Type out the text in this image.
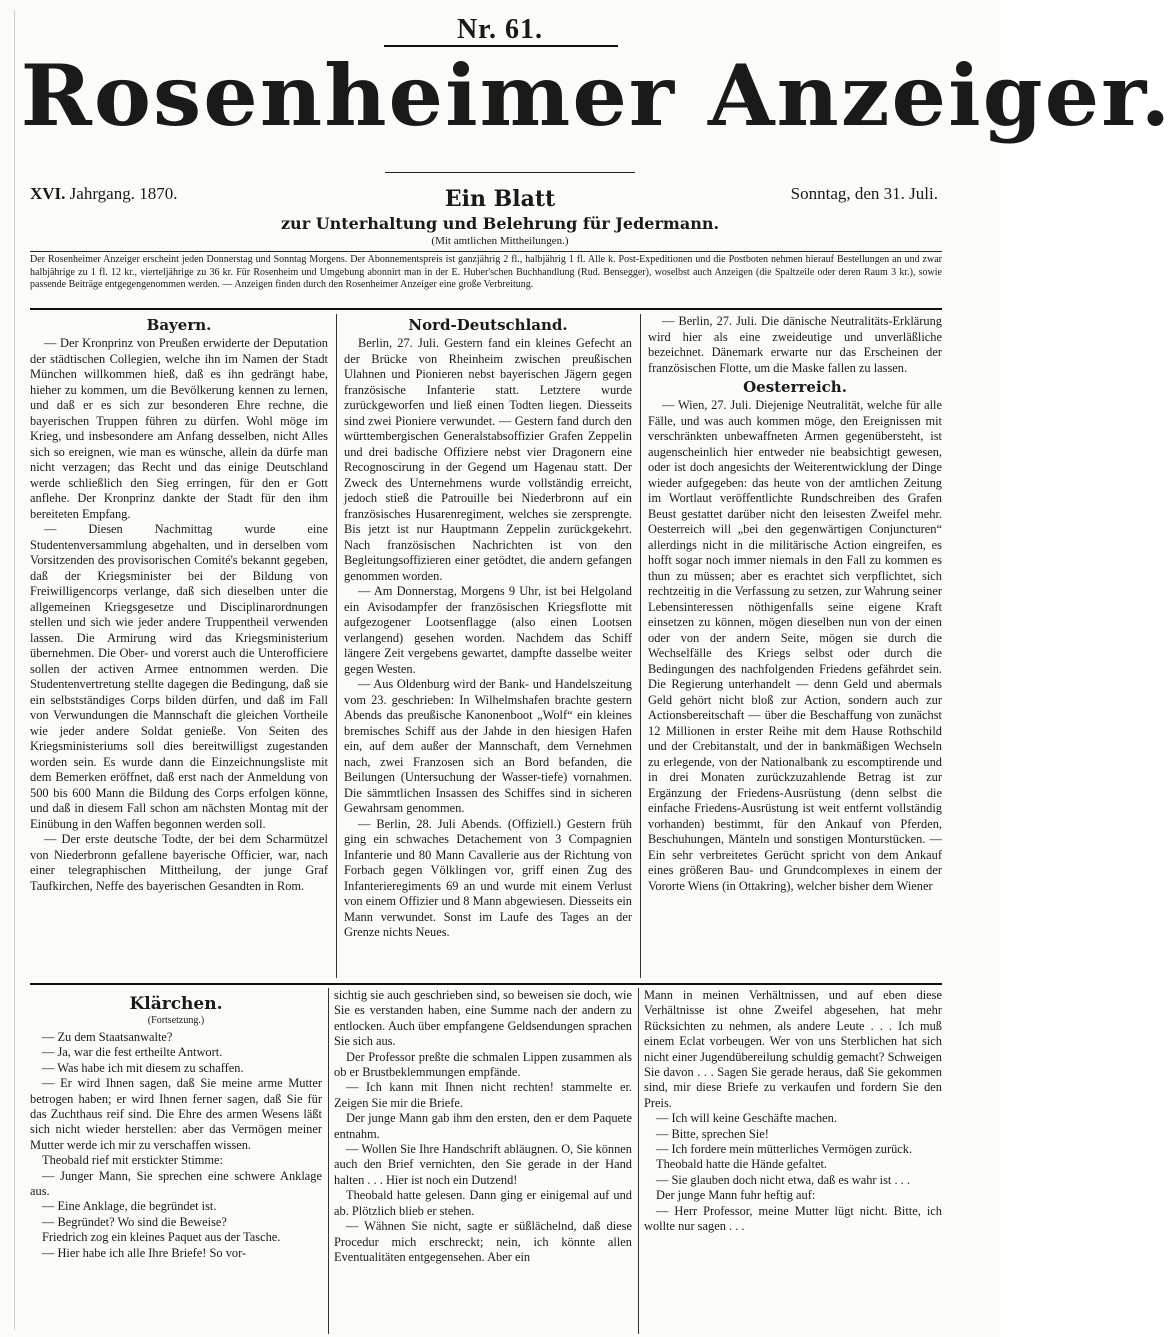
Nr. 61.
Rosenheimer Anzeiger.
XVI. Jahrgang. 1870.	Ein Blatt	Sonntag, den 31. Juli.
zur Unterhaltung und Belehrung für Jedermann.
(Mit amtlichen Mittheilungen.)
Der Rosenheimer Anzeiger erscheint jeden Donnerstag und Sonntag Morgens. Der Abonnementspreis ist ganzjährig 2 fl., halbjährig 1 fl. Alle k. Post-Expeditionen und die Postboten nehmen hierauf Bestellungen an und zwar halbjährige zu 1 fl. 12 kr., vierteljährige zu 36 kr. Für Rosenheim und Umgebung abonnirt man in der E. Huber'schen Buchhandlung (Rud. Bensegger), woselbst auch Anzeigen (die Spaltzeile oder deren Raum 3 kr.), sowie passende Beiträge entgegengenommen werden. — Anzeigen finden durch den Rosenheimer Anzeiger eine große Verbreitung.
Bayern.

— Der Kronprinz von Preußen erwiderte der Deputation der städtischen Collegien, welche ihn im Namen der Stadt München willkommen hieß, daß es ihn gedrängt habe, hieher zu kommen, um die Bevölkerung kennen zu lernen, und daß er es sich zur besonderen Ehre rechne, die bayerischen Truppen führen zu dürfen. Wohl möge im Krieg, und insbesondere am Anfang desselben, nicht Alles sich so ereignen, wie man es wünsche, allein da dürfe man nicht verzagen; das Recht und das einige Deutschland werde schließlich den Sieg erringen, für den er Gott anflehe. Der Kronprinz dankte der Stadt für den ihm bereiteten Empfang.

— Diesen Nachmittag wurde eine Studentenversammlung abgehalten, und in derselben vom Vorsitzenden des provisorischen Comité's bekannt gegeben, daß der Kriegsminister bei der Bildung von Freiwilligencorps verlange, daß sich dieselben unter die allgemeinen Kriegsgesetze und Disciplinarordnungen stellen und sich wie jeder andere Truppentheil verwenden lassen. Die Armirung wird das Kriegsministerium übernehmen. Die Ober- und vorerst auch die Unterofficiere sollen der activen Armee entnommen werden. Die Studentenvertretung stellte dagegen die Bedingung, daß sie ein selbstständiges Corps bilden dürfen, und daß im Fall von Verwundungen die Mannschaft die gleichen Vortheile wie jeder andere Soldat genieße. Von Seiten des Kriegsministeriums soll dies bereitwilligst zugestanden worden sein. Es wurde dann die Einzeichnungsliste mit dem Bemerken eröffnet, daß erst nach der Anmeldung von 500 bis 600 Mann die Bildung des Corps erfolgen könne, und daß in diesem Fall schon am nächsten Montag mit der Einübung in den Waffen begonnen werden soll.

— Der erste deutsche Todte, der bei dem Scharmützel von Niederbronn gefallene bayerische Officier, war, nach einer telegraphischen Mittheilung, der junge Graf Taufkirchen, Neffe des bayerischen Gesandten in Rom.

Nord-Deutschland.

Berlin, 27. Juli. Gestern fand ein kleines Gefecht an der Brücke von Rheinheim zwischen preußischen Ulahnen und Pionieren nebst bayerischen Jägern gegen französische Infanterie statt. Letztere wurde zurückgeworfen und ließ einen Todten liegen. Diesseits sind zwei Pioniere verwundet. — Gestern fand durch den württembergischen Generalstabsoffizier Grafen Zeppelin und drei badische Offiziere nebst vier Dragonern eine Recognoscirung in der Gegend um Hagenau statt. Der Zweck des Unternehmens wurde vollständig erreicht, jedoch stieß die Patrouille bei Niederbronn auf ein französisches Husarenregiment, welches sie zersprengte. Bis jetzt ist nur Hauptmann Zeppelin zurückgekehrt. Nach französischen Nachrichten ist von den Begleitungsoffizieren einer getödtet, die andern gefangen genommen worden.

— Am Donnerstag, Morgens 9 Uhr, ist bei Helgoland ein Avisodampfer der französischen Kriegsflotte mit aufgezogener Lootsenflagge (also einen Lootsen verlangend) gesehen worden. Nachdem das Schiff längere Zeit vergebens gewartet, dampfte dasselbe weiter gegen Westen.

— Aus Oldenburg wird der Bank- und Handelszeitung vom 23. geschrieben: In Wilhelmshafen brachte gestern Abends das preußische Kanonenboot „Wolf“ ein kleines bremisches Schiff aus der Jahde in den hiesigen Hafen ein, auf dem außer der Mannschaft, dem Vernehmen nach, zwei Franzosen sich an Bord befanden, die Beilungen (Untersuchung der Wasser-tiefe) vornahmen. Die sämmtlichen Insassen des Schiffes sind in sicheren Gewahrsam genommen.

— Berlin, 28. Juli Abends. (Offiziell.) Gestern früh ging ein schwaches Detachement von 3 Compagnien Infanterie und 80 Mann Cavallerie aus der Richtung von Forbach gegen Völklingen vor, griff einen Zug des Infanterieregiments 69 an und wurde mit einem Verlust von einem Offizier und 8 Mann abgewiesen. Diesseits ein Mann verwundet. Sonst im Laufe des Tages an der Grenze nichts Neues.

— Berlin, 27. Juli. Die dänische Neutralitäts-Erklärung wird hier als eine zweideutige und unverläßliche bezeichnet. Dänemark erwarte nur das Erscheinen der französischen Flotte, um die Maske fallen zu lassen.

Oesterreich.

— Wien, 27. Juli. Diejenige Neutralität, welche für alle Fälle, und was auch kommen möge, den Ereignissen mit verschränkten unbewaffneten Armen gegenübersteht, ist augenscheinlich hier entweder nie beabsichtigt gewesen, oder ist doch angesichts der Weiterentwicklung der Dinge wieder aufgegeben: das heute von der amtlichen Zeitung im Wortlaut veröffentlichte Rundschreiben des Grafen Beust gestattet darüber nicht den leisesten Zweifel mehr. Oesterreich will „bei den gegenwärtigen Conjuncturen“ allerdings nicht in die militärische Action eingreifen, es hofft sogar noch immer niemals in den Fall zu kommen es thun zu müssen; aber es erachtet sich verpflichtet, sich rechtzeitig in die Verfassung zu setzen, zur Wahrung seiner Lebensinteressen nöthigenfalls seine eigene Kraft einsetzen zu können, mögen dieselben nun von der einen oder von der andern Seite, mögen sie durch die Wechselfälle des Kriegs selbst oder durch die Bedingungen des nachfolgenden Friedens gefährdet sein. Die Regierung unterhandelt — denn Geld und abermals Geld gehört nicht bloß zur Action, sondern auch zur Actionsbereitschaft — über die Beschaffung von zunächst 12 Millionen in erster Reihe mit dem Hause Rothschild und der Crebitanstalt, und der in bankmäßigen Wechseln zu erlegende, von der Nationalbank zu escomptirende und in drei Monaten zurückzuzahlende Betrag ist zur Ergänzung der Friedens-Ausrüstung (denn selbst die einfache Friedens-Ausrüstung ist weit entfernt vollständig vorhanden) bestimmt, für den Ankauf von Pferden, Beschuhungen, Mänteln und sonstigen Monturstücken. — Ein sehr verbreitetes Gerücht spricht von dem Ankauf eines größeren Bau- und Grundcomplexes in einem der Vororte Wiens (in Ottakring), welcher bisher dem Wiener

Klärchen.

(Fortsetzung.)

— Zu dem Staatsanwalte?

— Ja, war die fest ertheilte Antwort.

— Was habe ich mit diesem zu schaffen.

— Er wird Ihnen sagen, daß Sie meine arme Mutter betrogen haben; er wird Ihnen ferner sagen, daß Sie für das Zuchthaus reif sind. Die Ehre des armen Wesens läßt sich nicht wieder herstellen: aber das Vermögen meiner Mutter werde ich mir zu verschaffen wissen.

Theobald rief mit erstickter Stimme:

— Junger Mann, Sie sprechen eine schwere Anklage aus.

— Eine Anklage, die begründet ist.

— Begründet? Wo sind die Beweise?

Friedrich zog ein kleines Paquet aus der Tasche.

— Hier habe ich alle Ihre Briefe! So vor-

sichtig sie auch geschrieben sind, so beweisen sie doch, wie Sie es verstanden haben, eine Summe nach der andern zu entlocken. Auch über empfangene Geldsendungen sprachen Sie sich aus.

Der Professor preßte die schmalen Lippen zusammen als ob er Brustbeklemmungen empfände.

— Ich kann mit Ihnen nicht rechten! stammelte er. Zeigen Sie mir die Briefe.

Der junge Mann gab ihm den ersten, den er dem Paquete entnahm.

— Wollen Sie Ihre Handschrift abläugnen. O, Sie können auch den Brief vernichten, den Sie gerade in der Hand halten . . . Hier ist noch ein Dutzend!

Theobald hatte gelesen. Dann ging er einigemal auf und ab. Plötzlich blieb er stehen.

— Wähnen Sie nicht, sagte er süßlächelnd, daß diese Procedur mich erschreckt; nein, ich könnte allen Eventualitäten entgegensehen. Aber ein

Mann in meinen Verhältnissen, und auf eben diese Verhältnisse ist ohne Zweifel abgesehen, hat mehr Rücksichten zu nehmen, als andere Leute . . . Ich muß einem Eclat vorbeugen. Wer von uns Sterblichen hat sich nicht einer Jugendübereilung schuldig gemacht? Schweigen Sie davon . . . Sagen Sie gerade heraus, daß Sie gekommen sind, mir diese Briefe zu verkaufen und fordern Sie den Preis.

— Ich will keine Geschäfte machen.

— Bitte, sprechen Sie!

— Ich fordere mein mütterliches Vermögen zurück.

Theobald hatte die Hände gefaltet.

— Sie glauben doch nicht etwa, daß es wahr ist . . .

Der junge Mann fuhr heftig auf:

— Herr Professor, meine Mutter lügt nicht. Bitte, ich wollte nur sagen . . .
